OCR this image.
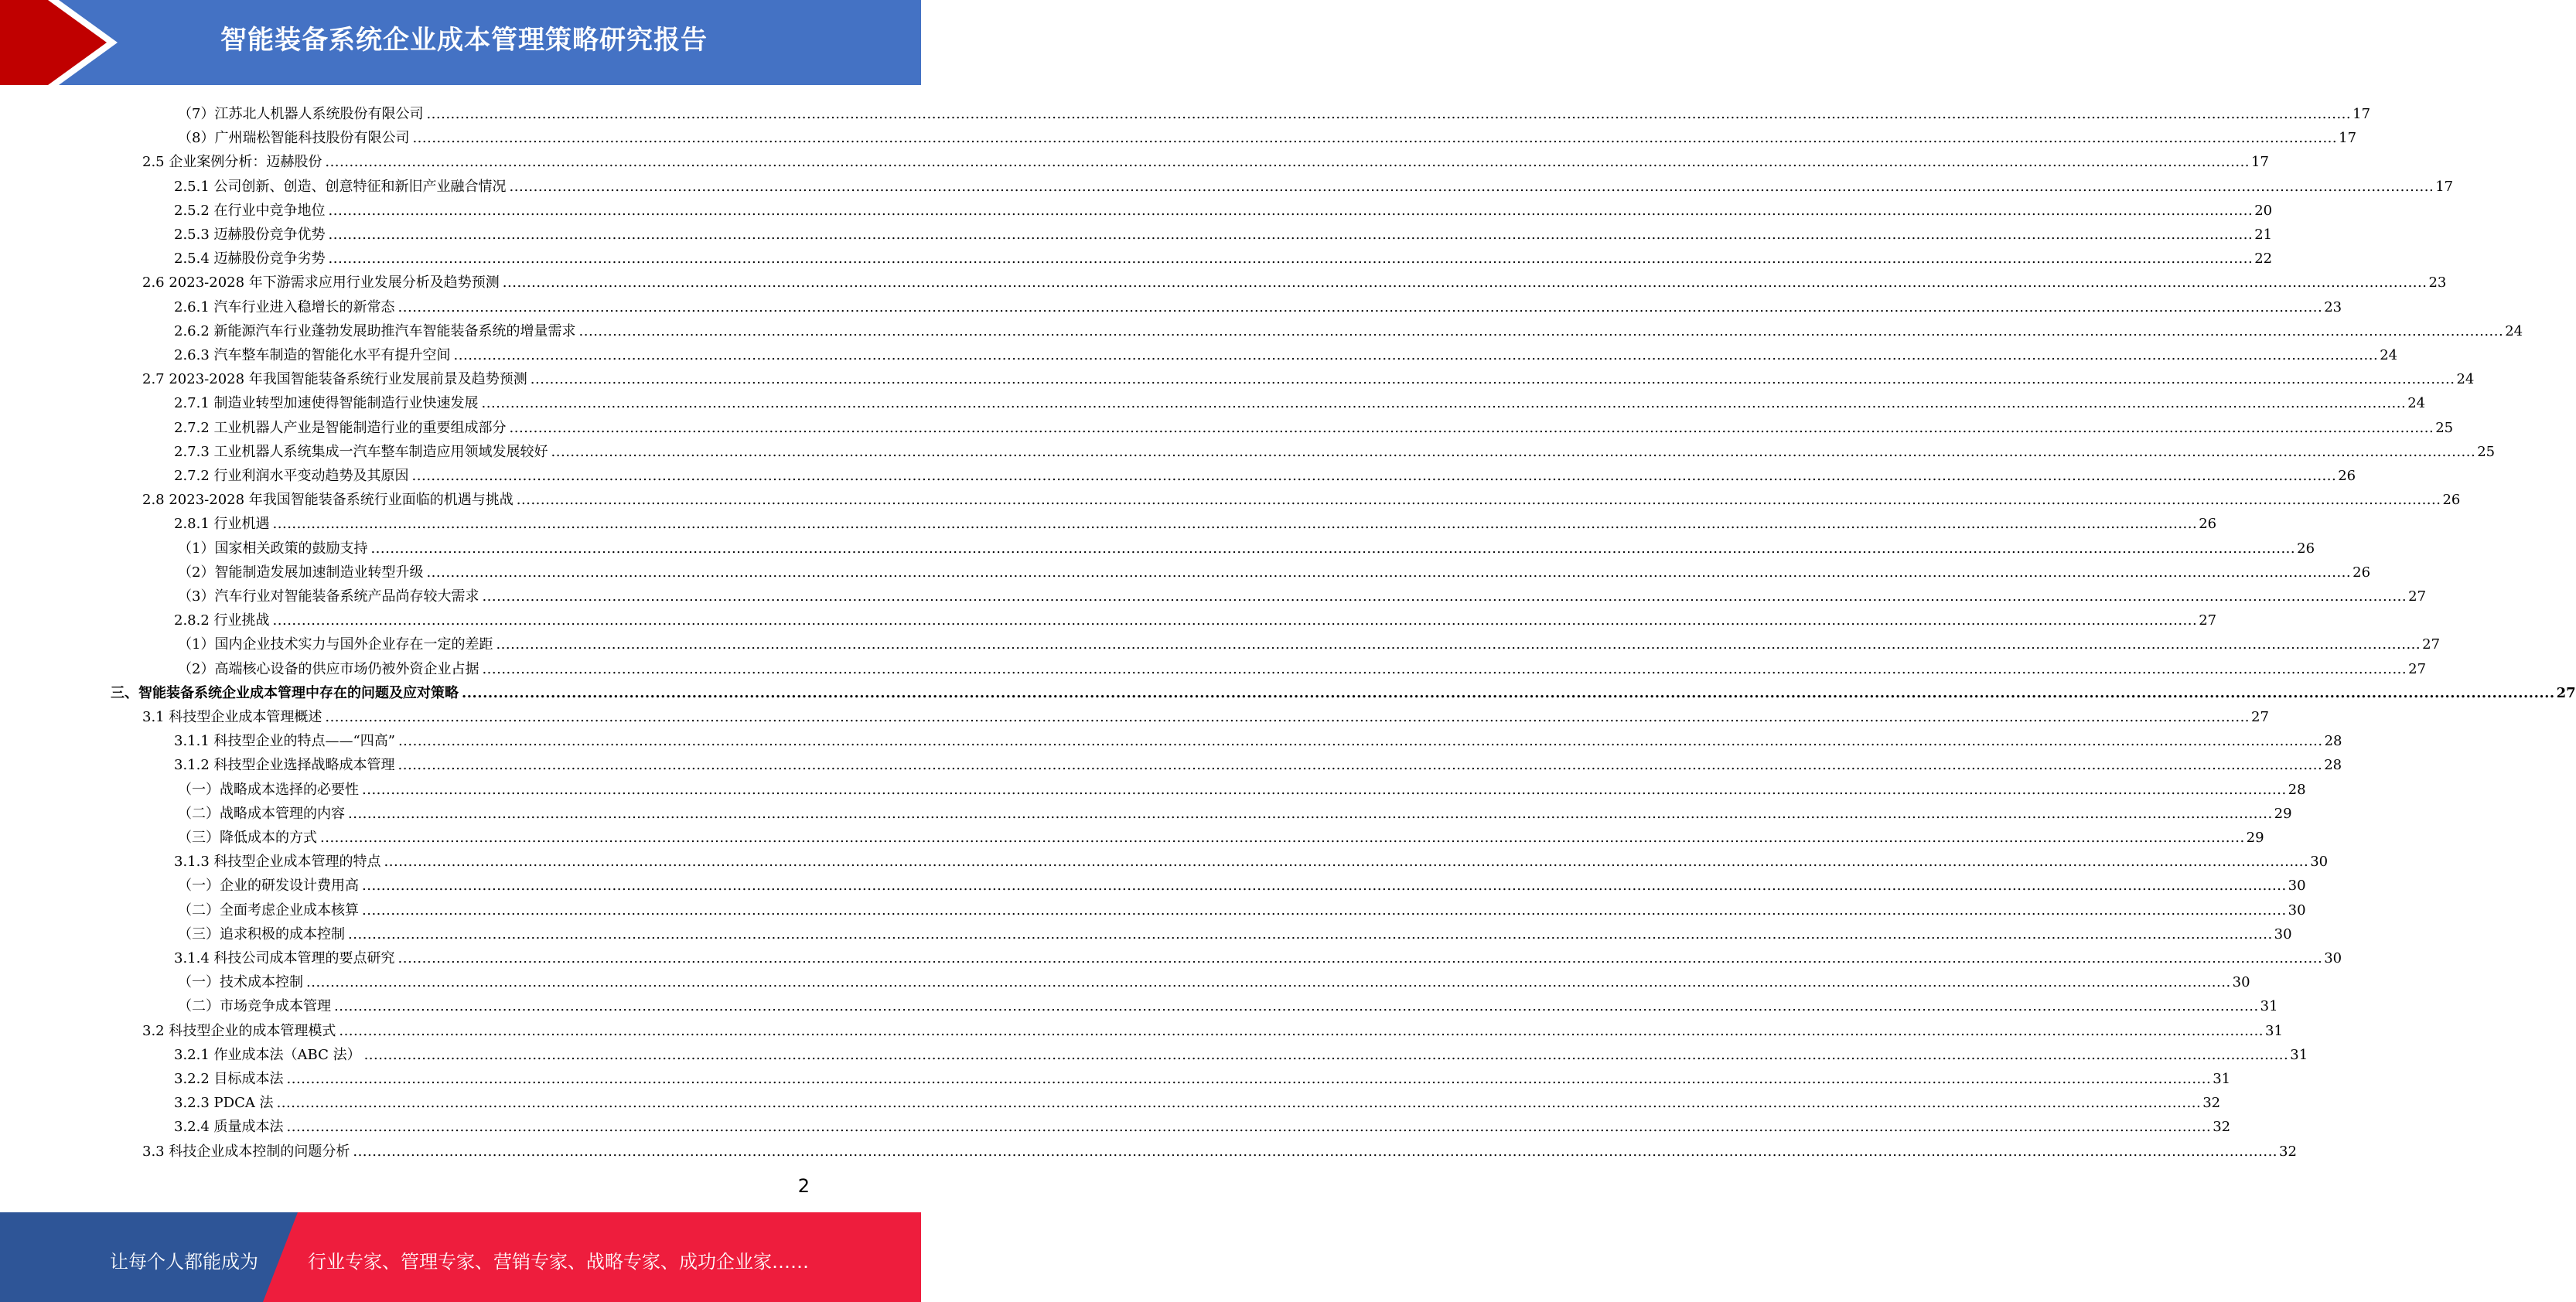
智能装备系统企业成本管理策略研究报告
（7）江苏北人机器人系统股份有限公司 ................................................................................................................................................................................................................................................................................................................................................................................................................ 17
（8）广州瑞松智能科技股份有限公司 ................................................................................................................................................................................................................................................................................................................................................................................................................ 17
2.5 企业案例分析：迈赫股份 ................................................................................................................................................................................................................................................................................................................................................................................................................ 17
2.5.1 公司创新、创造、创意特征和新旧产业融合情况 ................................................................................................................................................................................................................................................................................................................................................................................................................ 17
2.5.2 在行业中竞争地位 ................................................................................................................................................................................................................................................................................................................................................................................................................ 20
2.5.3 迈赫股份竞争优势 ................................................................................................................................................................................................................................................................................................................................................................................................................ 21
2.5.4 迈赫股份竞争劣势 ................................................................................................................................................................................................................................................................................................................................................................................................................ 22
2.6 2023-2028 年下游需求应用行业发展分析及趋势预测 ................................................................................................................................................................................................................................................................................................................................................................................................................ 23
2.6.1 汽车行业进入稳增长的新常态 ................................................................................................................................................................................................................................................................................................................................................................................................................ 23
2.6.2 新能源汽车行业蓬勃发展助推汽车智能装备系统的增量需求 ................................................................................................................................................................................................................................................................................................................................................................................................................ 24
2.6.3 汽车整车制造的智能化水平有提升空间 ................................................................................................................................................................................................................................................................................................................................................................................................................ 24
2.7 2023-2028 年我国智能装备系统行业发展前景及趋势预测 ................................................................................................................................................................................................................................................................................................................................................................................................................ 24
2.7.1 制造业转型加速使得智能制造行业快速发展 ................................................................................................................................................................................................................................................................................................................................................................................................................ 24
2.7.2 工业机器人产业是智能制造行业的重要组成部分 ................................................................................................................................................................................................................................................................................................................................................................................................................ 25
2.7.3 工业机器人系统集成一汽车整车制造应用领域发展较好 ................................................................................................................................................................................................................................................................................................................................................................................................................ 25
2.7.2 行业利润水平变动趋势及其原因 ................................................................................................................................................................................................................................................................................................................................................................................................................ 26
2.8 2023-2028 年我国智能装备系统行业面临的机遇与挑战 ................................................................................................................................................................................................................................................................................................................................................................................................................ 26
2.8.1 行业机遇 ................................................................................................................................................................................................................................................................................................................................................................................................................ 26
（1）国家相关政策的鼓励支持 ................................................................................................................................................................................................................................................................................................................................................................................................................ 26
（2）智能制造发展加速制造业转型升级 ................................................................................................................................................................................................................................................................................................................................................................................................................ 26
（3）汽车行业对智能装备系统产品尚存较大需求 ................................................................................................................................................................................................................................................................................................................................................................................................................ 27
2.8.2 行业挑战 ................................................................................................................................................................................................................................................................................................................................................................................................................ 27
（1）国内企业技术实力与国外企业存在一定的差距 ................................................................................................................................................................................................................................................................................................................................................................................................................ 27
（2）高端核心设备的供应市场仍被外资企业占据 ................................................................................................................................................................................................................................................................................................................................................................................................................ 27
三、智能装备系统企业成本管理中存在的问题及应对策略 ................................................................................................................................................................................................................................................................................................................................................................................................................ 27
3.1 科技型企业成本管理概述 ................................................................................................................................................................................................................................................................................................................................................................................................................ 27
3.1.1 科技型企业的特点——“四高” ................................................................................................................................................................................................................................................................................................................................................................................................................ 28
3.1.2 科技型企业选择战略成本管理 ................................................................................................................................................................................................................................................................................................................................................................................................................ 28
（一）战略成本选择的必要性 ................................................................................................................................................................................................................................................................................................................................................................................................................ 28
（二）战略成本管理的内容 ................................................................................................................................................................................................................................................................................................................................................................................................................ 29
（三）降低成本的方式 ................................................................................................................................................................................................................................................................................................................................................................................................................ 29
3.1.3 科技型企业成本管理的特点 ................................................................................................................................................................................................................................................................................................................................................................................................................ 30
（一）企业的研发设计费用高 ................................................................................................................................................................................................................................................................................................................................................................................................................ 30
（二）全面考虑企业成本核算 ................................................................................................................................................................................................................................................................................................................................................................................................................ 30
（三）追求积极的成本控制 ................................................................................................................................................................................................................................................................................................................................................................................................................ 30
3.1.4 科技公司成本管理的要点研究 ................................................................................................................................................................................................................................................................................................................................................................................................................ 30
（一）技术成本控制 ................................................................................................................................................................................................................................................................................................................................................................................................................ 30
（二）市场竞争成本管理 ................................................................................................................................................................................................................................................................................................................................................................................................................ 31
3.2 科技型企业的成本管理模式 ................................................................................................................................................................................................................................................................................................................................................................................................................ 31
3.2.1 作业成本法（ABC 法） ................................................................................................................................................................................................................................................................................................................................................................................................................ 31
3.2.2 目标成本法 ................................................................................................................................................................................................................................................................................................................................................................................................................ 31
3.2.3 PDCA 法 ................................................................................................................................................................................................................................................................................................................................................................................................................ 32
3.2.4 质量成本法 ................................................................................................................................................................................................................................................................................................................................................................................................................ 32
3.3 科技企业成本控制的问题分析 ................................................................................................................................................................................................................................................................................................................................................................................................................ 32
2
让每个人都能成为	行业专家、管理专家、营销专家、战略专家、成功企业家……
